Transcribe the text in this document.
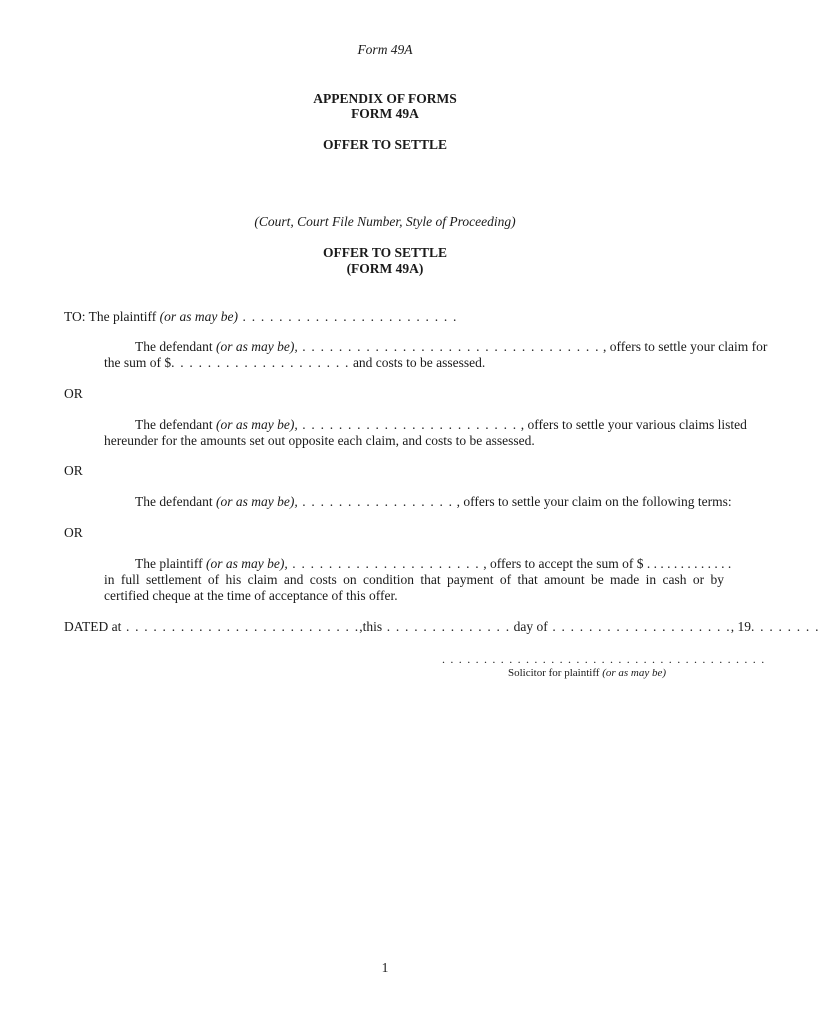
Form 49A
APPENDIX OF FORMS
FORM 49A
OFFER TO SETTLE
(Court, Court File Number, Style of Proceeding)
OFFER TO SETTLE
(FORM 49A)
TO: The plaintiff (or as may be) . . . . . . . . . . . . . . . . . . . . . . . .
The defendant (or as may be), . . . . . . . . . . . . . . . . . . . . . . . . . . . . . . . . . , offers to settle your claim for
the sum of $. . . . . . . . . . . . . . . . . . . . and costs to be assessed.
OR
The defendant (or as may be), . . . . . . . . . . . . . . . . . . . . . . . . , offers to settle your various claims listed
hereunder for the amounts set out opposite each claim, and costs to be assessed.
OR
The defendant (or as may be), . . . . . . . . . . . . . . . . . , offers to settle your claim on the following terms:
OR
The plaintiff (or as may be), . . . . . . . . . . . . . . . . . . . . . , offers to accept the sum of $ . . . . . . . . . . . . .
in full settlement of his claim and costs on condition that payment of that amount be made in cash or by
certified cheque at the time of acceptance of this offer.
DATED at . . . . . . . . . . . . . . . . . . . . . . . . . .,this . . . . . . . . . . . . . . day of . . . . . . . . . . . . . . . . . . . ., 19. . . . . . . .
. . . . . . . . . . . . . . . . . . . . . . . . . . . . . . . . . . . . . . .
Solicitor for plaintiff (or as may be)
1
